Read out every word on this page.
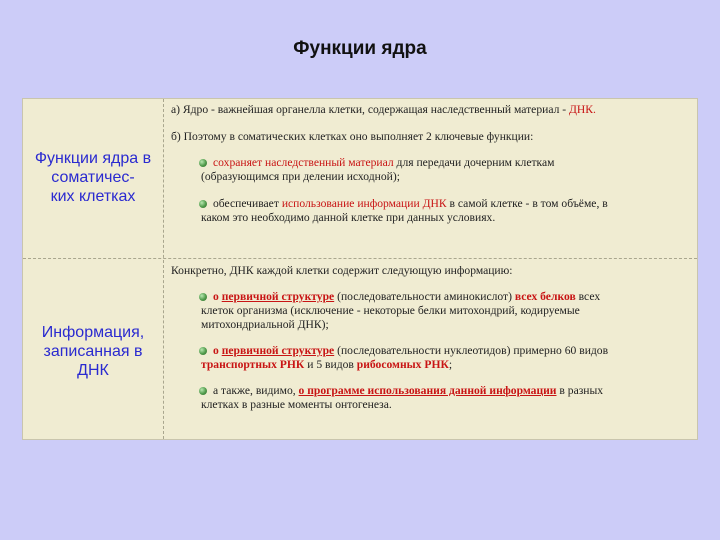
Функции ядра
Функции ядра в
соматичес-
ких клетках

а) Ядро - важнейшая органелла клетки, содержащая наследственный материал - ДНК.

б) Поэтому в соматических клетках оно выполняет 2 ключевые функции:

сохраняет наследственный материал для передачи дочерним клеткам

(образующимся при делении исходной);

обеспечивает использование информации ДНК в самой клетке - в том объёме, в

каком это необходимо данной клетке при данных условиях.

Информация,
записанная в
ДНК

Конкретно, ДНК каждой клетки содержит следующую информацию:

о первичной структуре (последовательности аминокислот) всех белков всех

клеток организма (исключение - некоторые белки митохондрий, кодируемые

митохондриальной ДНК);

о первичной структуре (последовательности нуклеотидов) примерно 60 видов

транспортных РНК и 5 видов рибосомных РНК;

а также, видимо, о программе использования данной информации в разных

клетках в разные моменты онтогенеза.
